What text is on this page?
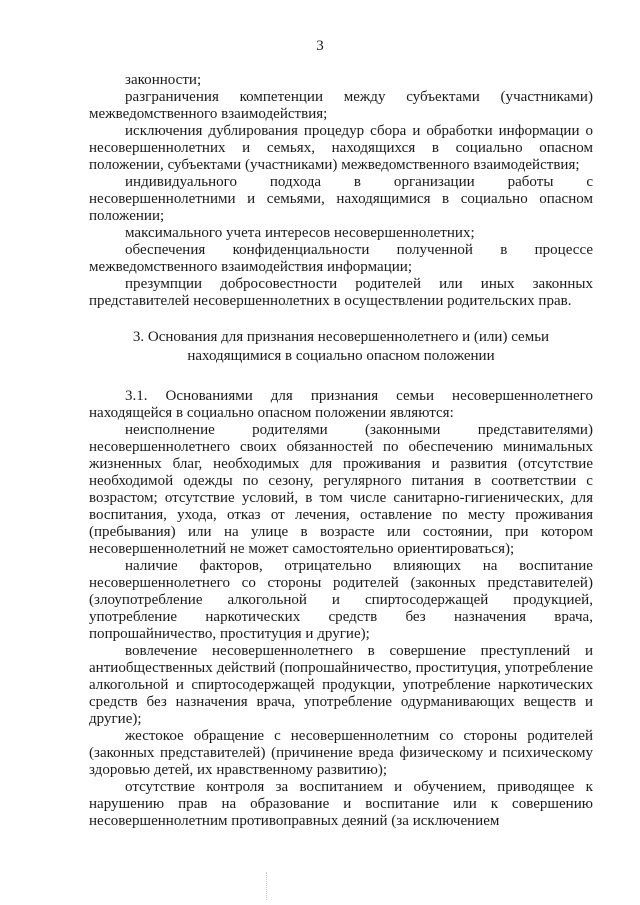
3

законности;

разграничения компетенции между субъектами (участниками) межведомственного взаимодействия;

исключения дублирования процедур сбора и обработки информации о несовершеннолетних и семьях, находящихся в социально опасном положении, субъектами (участниками) межведомственного взаимодействия;

индивидуального подхода в организации работы с несовершеннолетними и семьями, находящимися в социально опасном положении;

максимального учета интересов несовершеннолетних;

обеспечения конфиденциальности полученной в процессе межведомственного взаимодействия информации;

презумпции добросовестности родителей или иных законных представителей несовершеннолетних в осуществлении родительских прав.

3. Основания для признания несовершеннолетнего и (или) семьи
находящимися в социально опасном положении

3.1. Основаниями для признания семьи несовершеннолетнего находящейся в социально опасном положении являются:

неисполнение родителями (законными представителями) несовершеннолетнего своих обязанностей по обеспечению минимальных жизненных благ, необходимых для проживания и развития (отсутствие необходимой одежды по сезону, регулярного питания в соответствии с возрастом; отсутствие условий, в том числе санитарно-гигиенических, для воспитания, ухода, отказ от лечения, оставление по месту проживания (пребывания) или на улице в возрасте или состоянии, при котором несовершеннолетний не может самостоятельно ориентироваться);

наличие факторов, отрицательно влияющих на воспитание несовершеннолетнего со стороны родителей (законных представителей) (злоупотребление алкогольной и спиртосодержащей продукцией, употребление наркотических средств без назначения врача, попрошайничество, проституция и другие);

вовлечение несовершеннолетнего в совершение преступлений и антиобщественных действий (попрошайничество, проституция, употребление алкогольной и спиртосодержащей продукции, употребление наркотических средств без назначения врача, употребление одурманивающих веществ и другие);

жестокое обращение с несовершеннолетним со стороны родителей (законных представителей) (причинение вреда физическому и психическому здоровью детей, их нравственному развитию);

отсутствие контроля за воспитанием и обучением, приводящее к нарушению прав на образование и воспитание или к совершению несовершеннолетним противоправных деяний (за исключением
